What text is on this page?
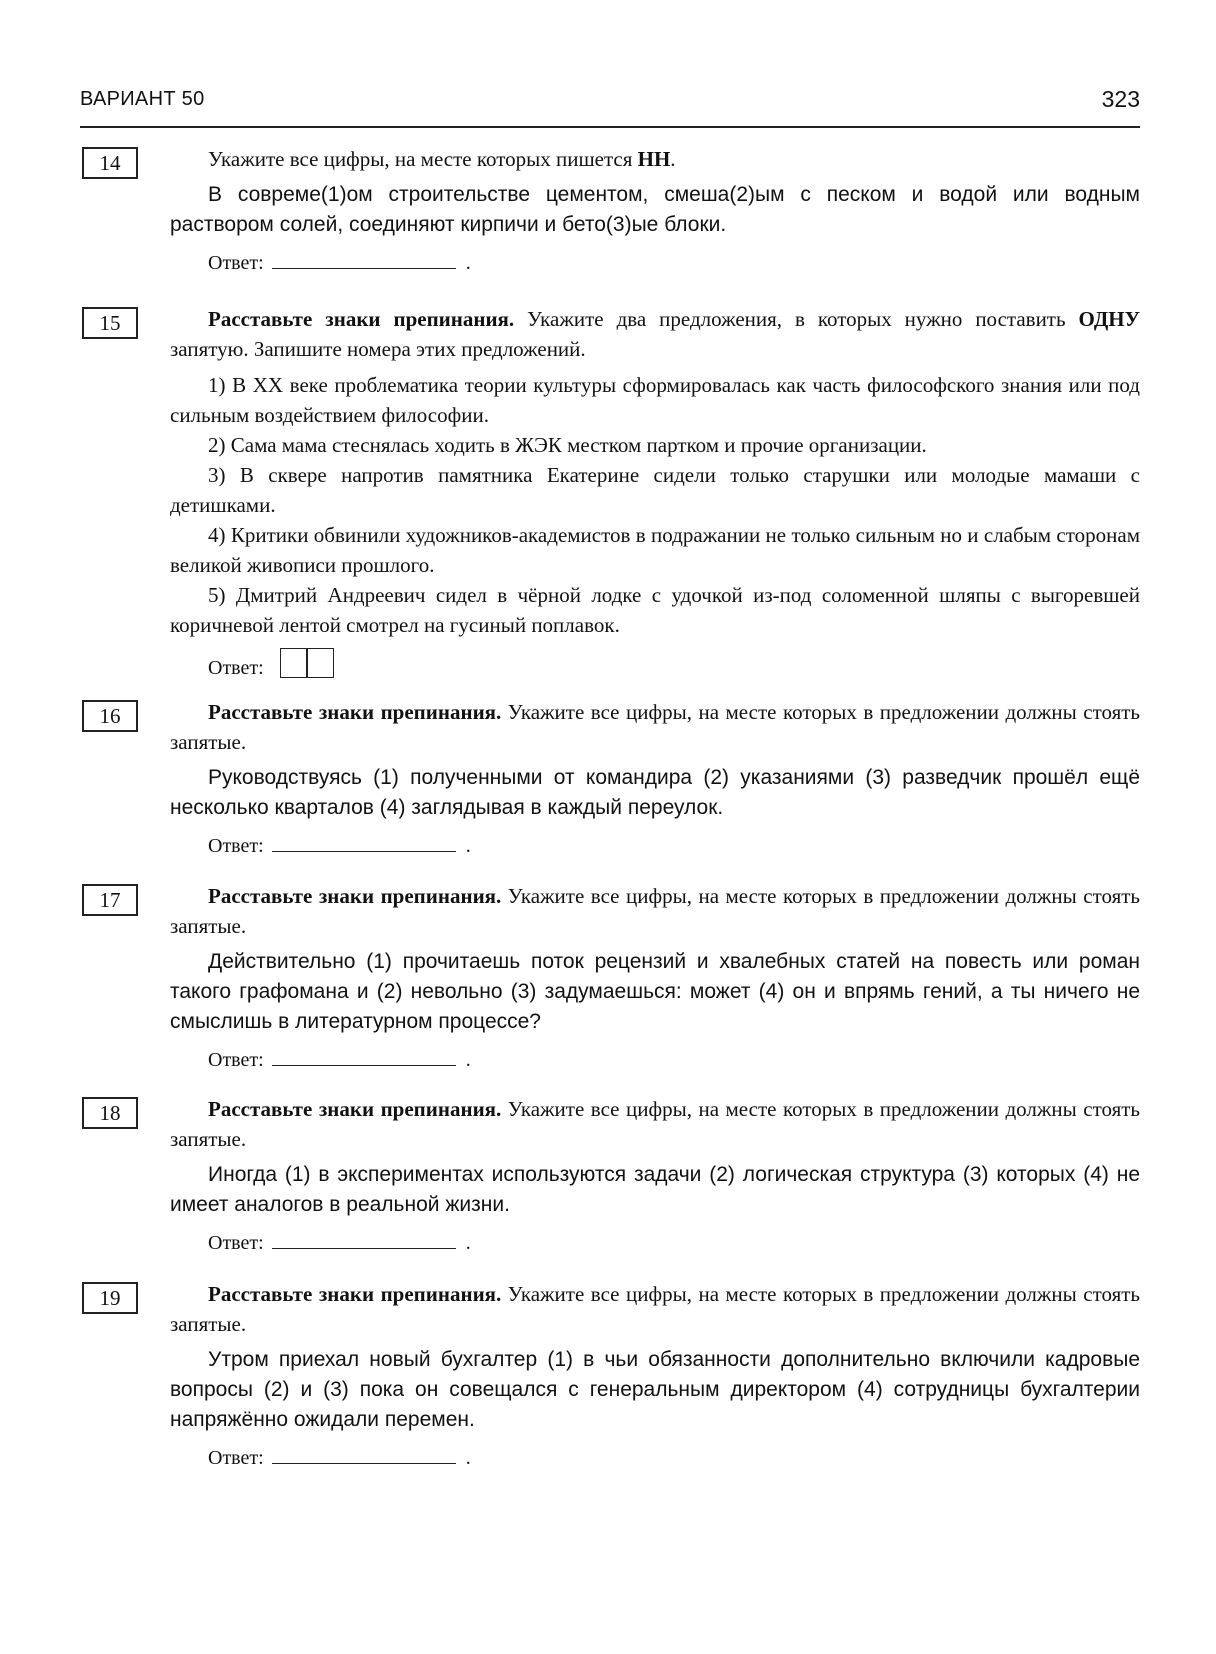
ВАРИАНТ 50	323
14	Укажите все цифры, на месте которых пишется НН.

В совреме(1)ом строительстве цементом, смеша(2)ым с песком и водой или водным раствором солей, соединяют кирпичи и бето(3)ые блоки.

Ответ:	.
15	Расставьте знаки препинания. Укажите два предложения, в которых нужно поставить ОДНУ запятую. Запишите номера этих предложений.

1) В XX веке проблематика теории культуры сформировалась как часть философского знания или под сильным воздействием философии.

2) Сама мама стеснялась ходить в ЖЭК местком партком и прочие организации.

3) В сквере напротив памятника Екатерине сидели только старушки или молодые мамаши с детишками.

4) Критики обвинили художников-академистов в подражании не только сильным но и слабым сторонам великой живописи прошлого.

5) Дмитрий Андреевич сидел в чёрной лодке с удочкой из-под соломенной шляпы с выгоревшей коричневой лентой смотрел на гусиный поплавок.

Ответ:
16	Расставьте знаки препинания. Укажите все цифры, на месте которых в предложении должны стоять запятые.

Руководствуясь (1) полученными от командира (2) указаниями (3) разведчик прошёл ещё несколько кварталов (4) заглядывая в каждый переулок.

Ответ:	.
17	Расставьте знаки препинания. Укажите все цифры, на месте которых в предложении должны стоять запятые.

Действительно (1) прочитаешь поток рецензий и хвалебных статей на повесть или роман такого графомана и (2) невольно (3) задумаешься: может (4) он и впрямь гений, а ты ничего не смыслишь в литературном процессе?

Ответ:	.
18	Расставьте знаки препинания. Укажите все цифры, на месте которых в предложении должны стоять запятые.

Иногда (1) в экспериментах используются задачи (2) логическая структура (3) которых (4) не имеет аналогов в реальной жизни.

Ответ:	.
19	Расставьте знаки препинания. Укажите все цифры, на месте которых в предложении должны стоять запятые.

Утром приехал новый бухгалтер (1) в чьи обязанности дополнительно включили кадровые вопросы (2) и (3) пока он совещался с генеральным директором (4) сотрудницы бухгалтерии напряжённо ожидали перемен.

Ответ:	.
